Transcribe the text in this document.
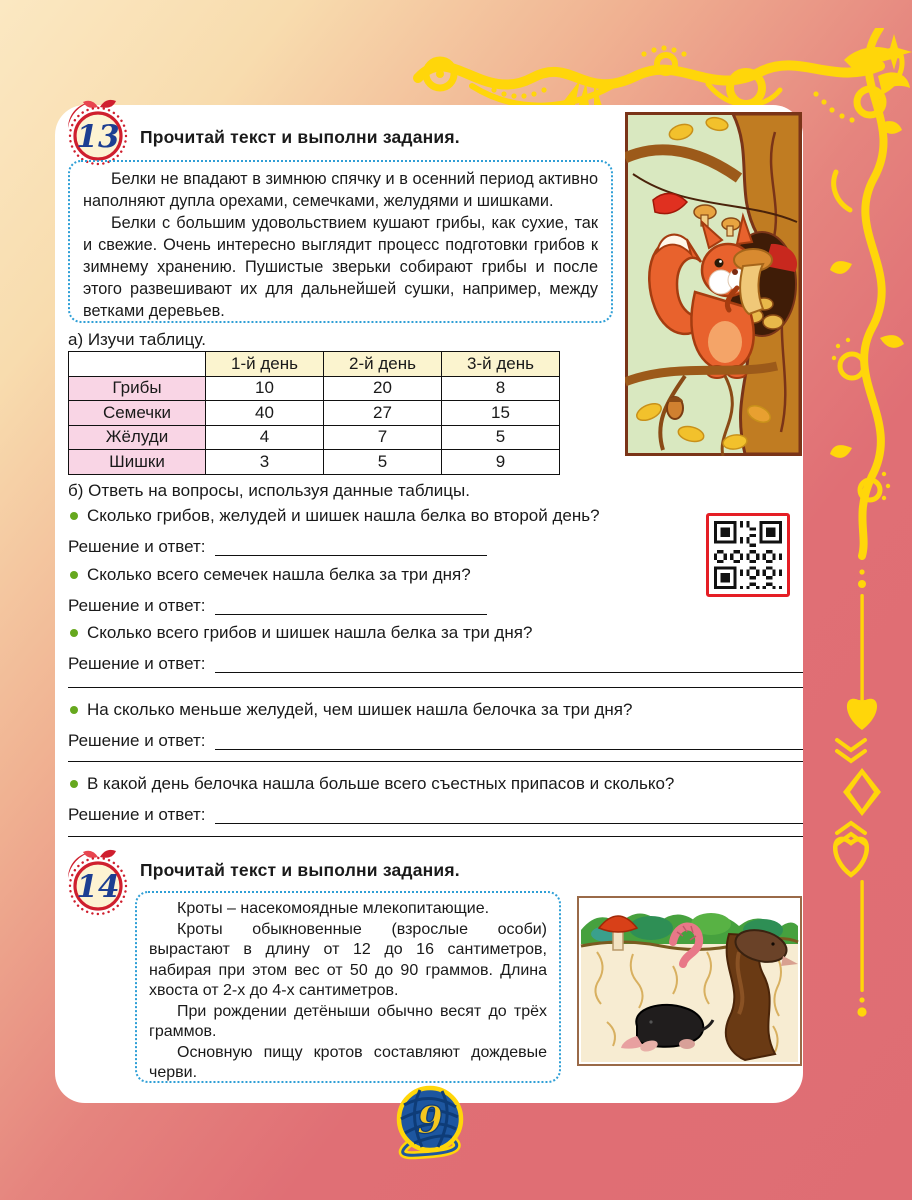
13 Прочитай текст и выполни задания.

Белки не впадают в зимнюю спячку и в осенний период активно наполняют дупла орехами, семечками, желудями и шишками.

Белки с большим удовольствием кушают грибы, как сухие, так и свежие. Очень интересно выглядит процесс подготовки грибов к зимнему хранению. Пушистые зверьки собирают грибы и после этого развешивают их для дальнейшей сушки, например, между ветками деревьев.

а) Изучи таблицу.
	1-й день	2-й день	3-й день
Грибы	10	20	8
Семечки	40	27	15
Жёлуди	4	7	5
Шишки	3	5	9
б) Ответь на вопросы, используя данные таблицы.
Сколько грибов, желудей и шишек нашла белка во второй день?
Решение и ответ:
Сколько всего семечек нашла белка за три дня?
Решение и ответ:
Сколько всего грибов и шишек нашла белка за три дня?
Решение и ответ:
На сколько меньше желудей, чем шишек нашла белочка за три дня?
Решение и ответ:
В какой день белочка нашла больше всего съестных припасов и сколько?
Решение и ответ:
14 Прочитай текст и выполни задания.

Кроты – насекомоядные млекопитающие.

Кроты обыкновенные (взрослые особи) вырастают в длину от 12 до 16 сантиметров, набирая при этом вес от 50 до 90 граммов. Длина хвоста от 2-х до 4-х сантиметров.

При рождении детёныши обычно весят до трёх граммов.

Основную пищу кротов составляют дождевые черви.

9
